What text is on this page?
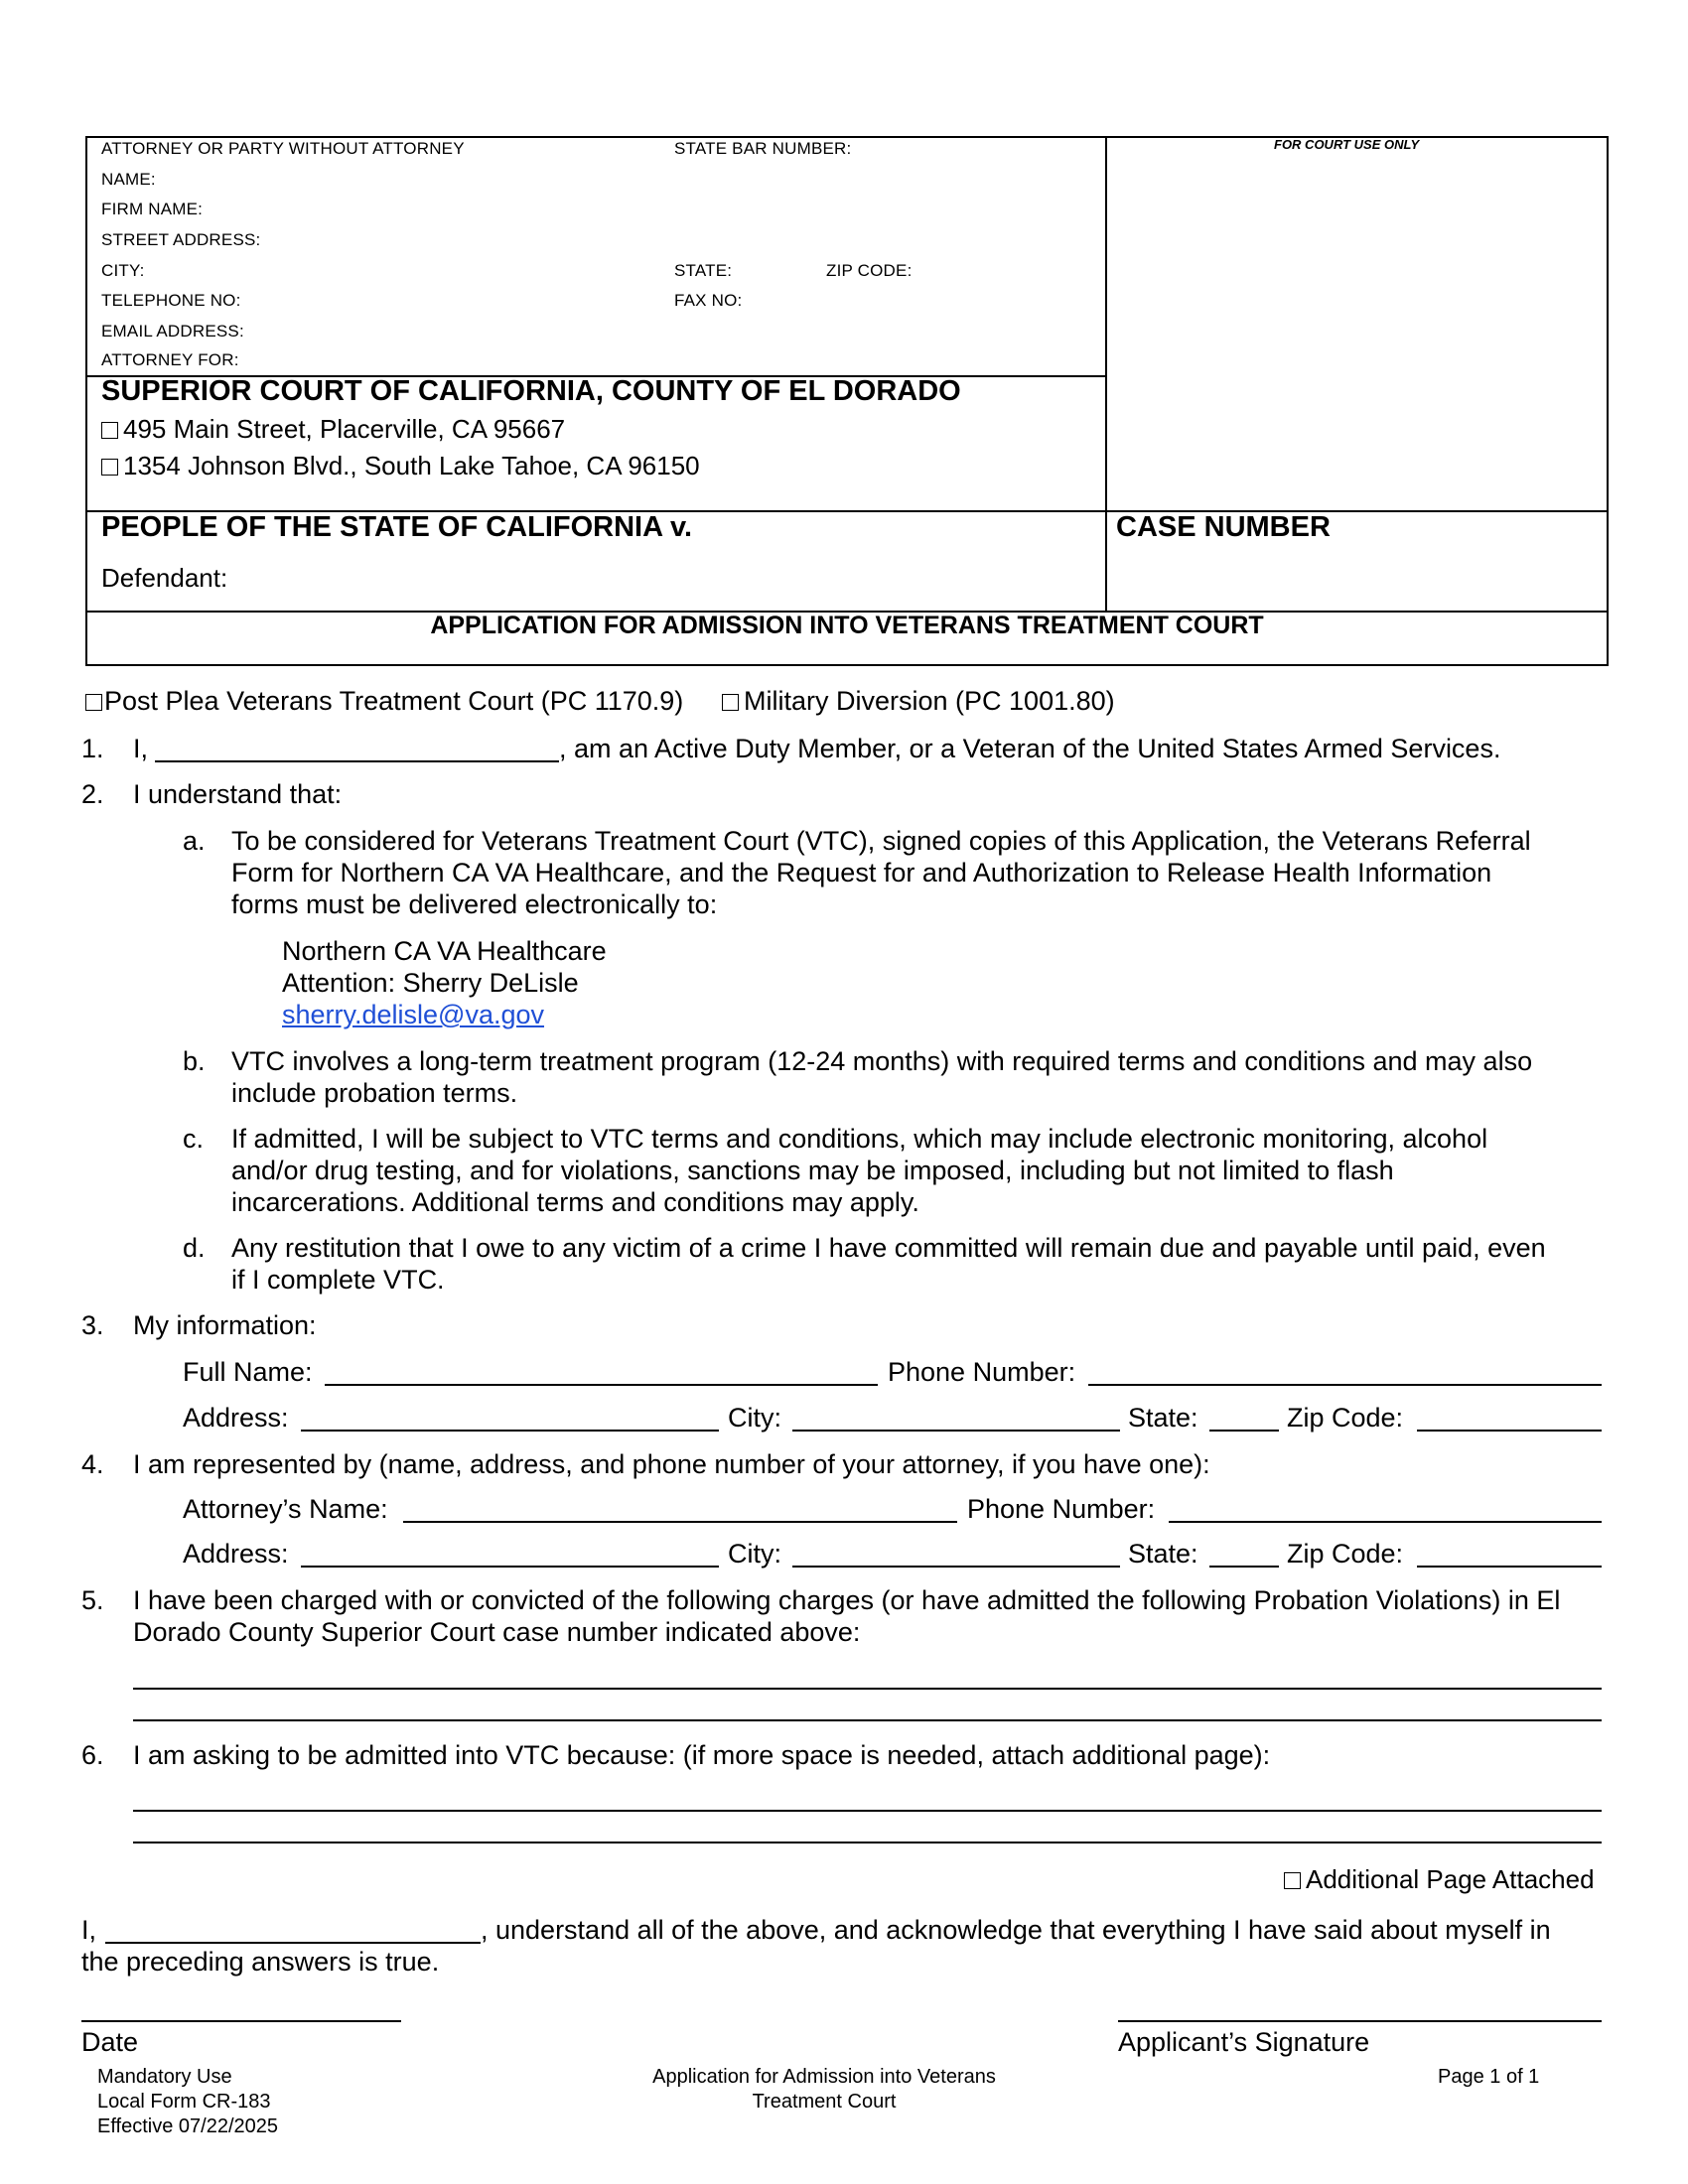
ATTORNEY OR PARTY WITHOUT ATTORNEY	STATE BAR NUMBER:
NAME:
FIRM NAME:
STREET ADDRESS:
CITY:	STATE:	ZIP CODE:
TELEPHONE NO:	FAX NO:
EMAIL ADDRESS:
ATTORNEY FOR:
FOR COURT USE ONLY
SUPERIOR COURT OF CALIFORNIA, COUNTY OF EL DORADO
495 Main Street, Placerville, CA 95667
1354 Johnson Blvd., South Lake Tahoe, CA 96150
PEOPLE OF THE STATE OF CALIFORNIA v.
Defendant:
CASE NUMBER
APPLICATION FOR ADMISSION INTO VETERANS TREATMENT COURT
Post Plea Veterans Treatment Court (PC 1170.9)	Military Diversion (PC 1001.80)
1. I,	, am an Active Duty Member, or a Veteran of the United States Armed Services.
2. I understand that:
a. To be considered for Veterans Treatment Court (VTC), signed copies of this Application, the Veterans Referral
Form for Northern CA VA Healthcare, and the Request for and Authorization to Release Health Information
forms must be delivered electronically to:
Northern CA VA Healthcare
Attention: Sherry DeLisle
sherry.delisle@va.gov
b. VTC involves a long-term treatment program (12-24 months) with required terms and conditions and may also
include probation terms.
c. If admitted, I will be subject to VTC terms and conditions, which may include electronic monitoring, alcohol
and/or drug testing, and for violations, sanctions may be imposed, including but not limited to flash
incarcerations. Additional terms and conditions may apply.
d. Any restitution that I owe to any victim of a crime I have committed will remain due and payable until paid, even
if I complete VTC.
3. My information:
Full Name:	Phone Number:
Address:	City:	State:	Zip Code:
4. I am represented by (name, address, and phone number of your attorney, if you have one):
Attorney’s Name:	Phone Number:
Address:	City:	State:	Zip Code:
5. I have been charged with or convicted of the following charges (or have admitted the following Probation Violations) in El
Dorado County Superior Court case number indicated above:
6. I am asking to be admitted into VTC because: (if more space is needed, attach additional page):
Additional Page Attached
I,	, understand all of the above, and acknowledge that everything I have said about myself in
the preceding answers is true.
Date	Applicant’s Signature
Mandatory Use
Local Form CR-183
Effective 07/22/2025
Application for Admission into Veterans
Treatment Court
Page 1 of 1
